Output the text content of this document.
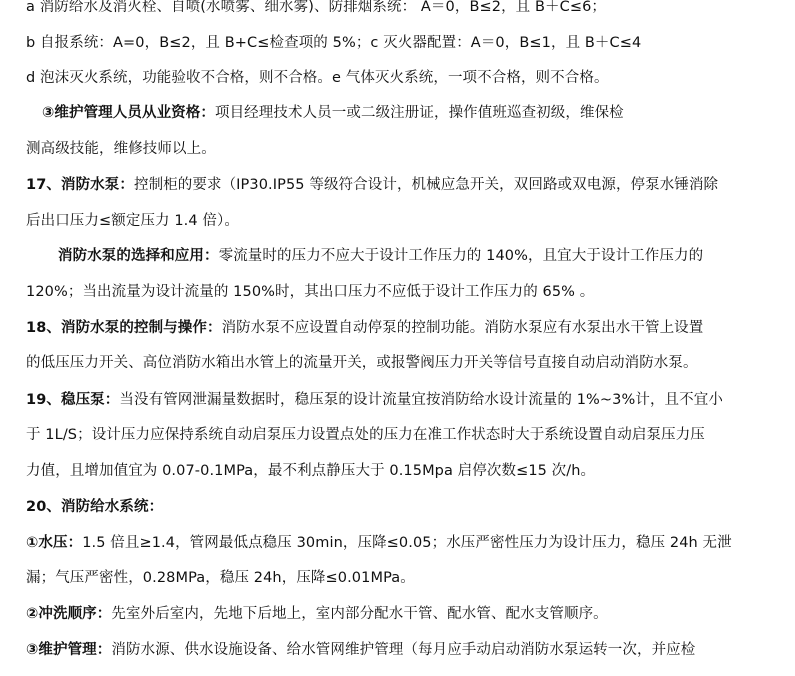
a 消防给水及消火栓、自喷(水喷雾、细水雾)、防排烟系统： A＝0，B≤2，且 B＋C≤6；
b 自报系统：A=0，B≤2，且 B+C≤检查项的 5%；c 灭火器配置：A＝0，B≤1，且 B＋C≤4
d 泡沫灭火系统，功能验收不合格，则不合格。e 气体灭火系统，一项不合格，则不合格。
③维护管理人员从业资格：项目经理技术人员一或二级注册证，操作值班巡查初级，维保检
测高级技能，维修技师以上。
17、消防水泵：控制柜的要求（IP30.IP55 等级符合设计，机械应急开关，双回路或双电源，停泵水锤消除
后出口压力≤额定压力 1.4 倍）。
消防水泵的选择和应用：零流量时的压力不应大于设计工作压力的 140%，且宜大于设计工作压力的
120%；当出流量为设计流量的 150%时，其出口压力不应低于设计工作压力的 65% 。
18、消防水泵的控制与操作：消防水泵不应设置自动停泵的控制功能。消防水泵应有水泵出水干管上设置
的低压压力开关、高位消防水箱出水管上的流量开关，或报警阀压力开关等信号直接自动启动消防水泵。
19、稳压泵：当没有管网泄漏量数据时，稳压泵的设计流量宜按消防给水设计流量的 1%~3%计，且不宜小
于 1L/S；设计压力应保持系统自动启泵压力设置点处的压力在准工作状态时大于系统设置自动启泵压力压
力值，且增加值宜为 0.07-0.1MPa，最不利点静压大于 0.15Mpa 启停次数≤15 次/h。
20、消防给水系统：
①水压：1.5 倍且≥1.4，管网最低点稳压 30min，压降≤0.05；水压严密性压力为设计压力，稳压 24h 无泄
漏；气压严密性，0.28MPa，稳压 24h，压降≤0.01MPa。
②冲洗顺序：先室外后室内，先地下后地上，室内部分配水干管、配水管、配水支管顺序。
③维护管理：消防水源、供水设施设备、给水管网维护管理（每月应手动启动消防水泵运转一次，并应检
